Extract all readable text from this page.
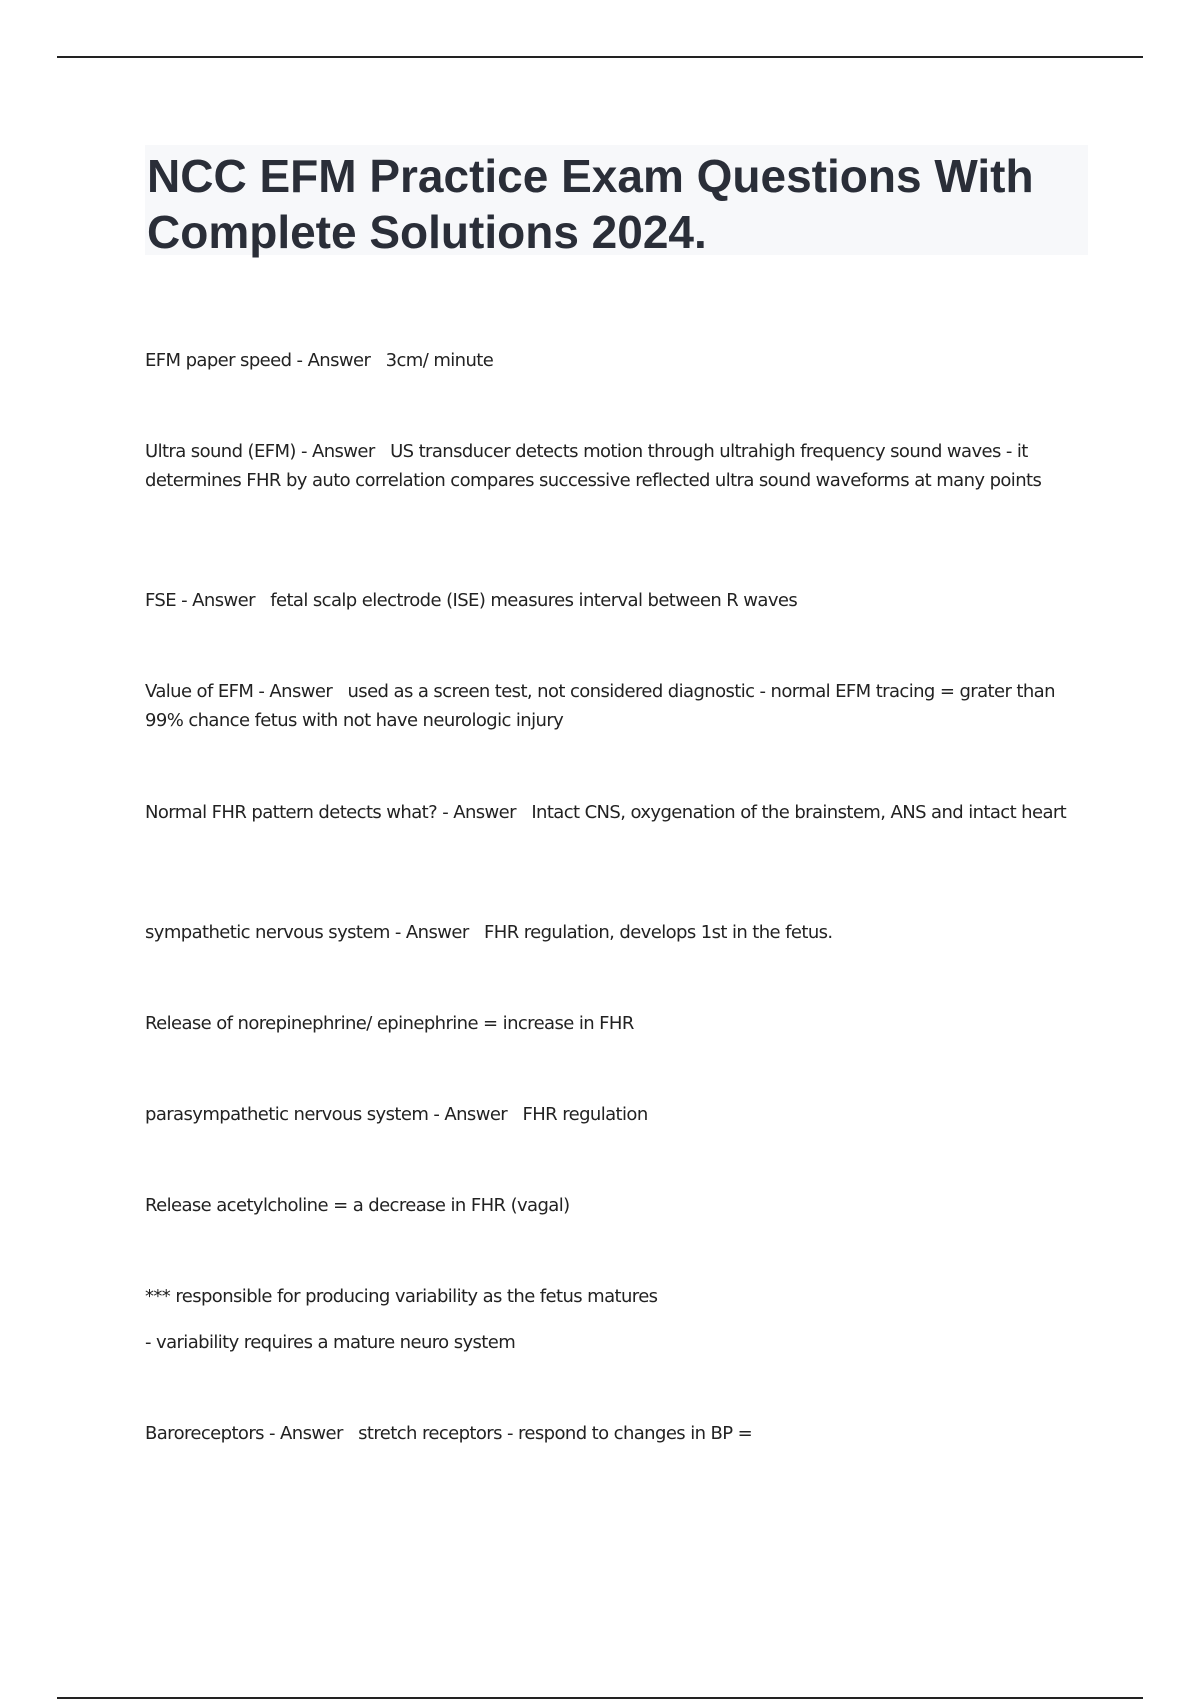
NCC EFM Practice Exam Questions With Complete Solutions 2024.

EFM paper speed - Answer 3cm/ minute

Ultra sound (EFM) - Answer US transducer detects motion through ultrahigh frequency sound waves - it determines FHR by auto correlation compares successive reflected ultra sound waveforms at many points

FSE - Answer fetal scalp electrode (ISE) measures interval between R waves

Value of EFM - Answer used as a screen test, not considered diagnostic - normal EFM tracing = grater than 99% chance fetus with not have neurologic injury

Normal FHR pattern detects what? - Answer Intact CNS, oxygenation of the brainstem, ANS and intact heart

sympathetic nervous system - Answer FHR regulation, develops 1st in the fetus.

Release of norepinephrine/ epinephrine = increase in FHR

parasympathetic nervous system - Answer FHR regulation

Release acetylcholine = a decrease in FHR (vagal)

*** responsible for producing variability as the fetus matures

- variability requires a mature neuro system

Baroreceptors - Answer stretch receptors - respond to changes in BP =
